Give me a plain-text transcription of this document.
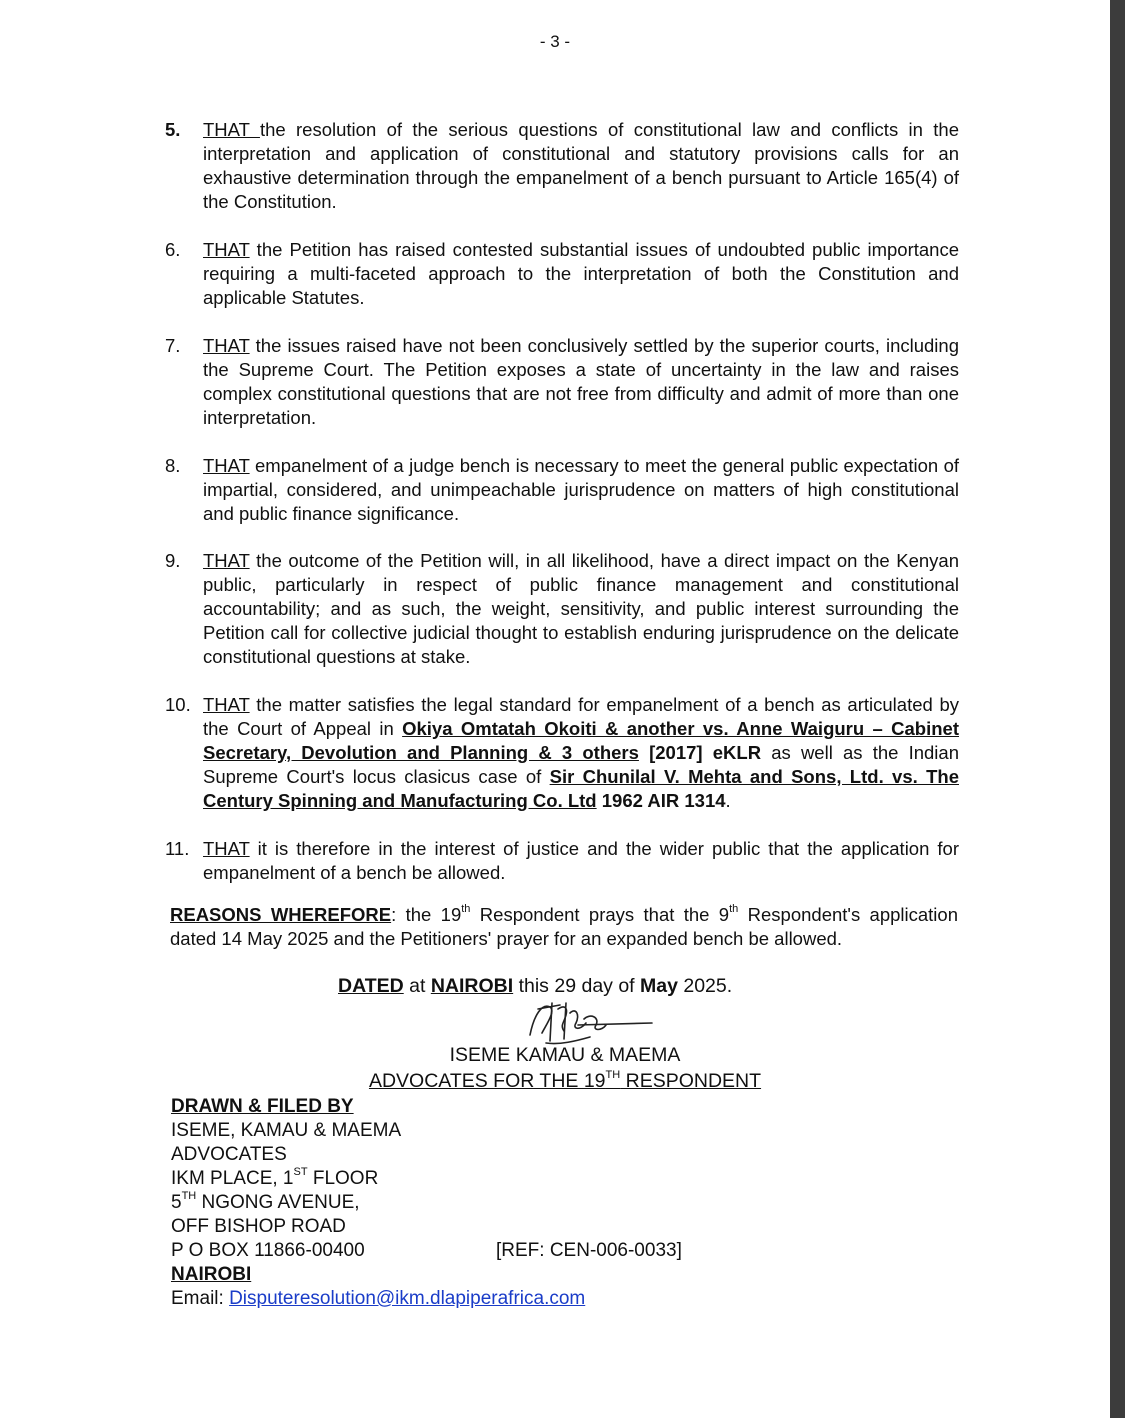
- 3 -
5.	THAT the resolution of the serious questions of constitutional law and conflicts in the interpretation and application of constitutional and statutory provisions calls for an exhaustive determination through the empanelment of a bench pursuant to Article 165(4) of the Constitution.
6.	THAT the Petition has raised contested substantial issues of undoubted public importance requiring a multi-faceted approach to the interpretation of both the Constitution and applicable Statutes.
7.	THAT the issues raised have not been conclusively settled by the superior courts, including the Supreme Court. The Petition exposes a state of uncertainty in the law and raises complex constitutional questions that are not free from difficulty and admit of more than one interpretation.
8.	THAT empanelment of a judge bench is necessary to meet the general public expectation of impartial, considered, and unimpeachable jurisprudence on matters of high constitutional and public finance significance.
9.	THAT the outcome of the Petition will, in all likelihood, have a direct impact on the Kenyan public, particularly in respect of public finance management and constitutional accountability; and as such, the weight, sensitivity, and public interest surrounding the Petition call for collective judicial thought to establish enduring jurisprudence on the delicate constitutional questions at stake.
10. THAT the matter satisfies the legal standard for empanelment of a bench as articulated by the Court of Appeal in Okiya Omtatah Okoiti & another vs. Anne Waiguru – Cabinet Secretary, Devolution and Planning & 3 others [2017] eKLR as well as the Indian Supreme Court's locus clasicus case of Sir Chunilal V. Mehta and Sons, Ltd. vs. The Century Spinning and Manufacturing Co. Ltd 1962 AIR 1314.
11. THAT it is therefore in the interest of justice and the wider public that the application for empanelment of a bench be allowed.
REASONS WHEREFORE: the 19th Respondent prays that the 9th Respondent's application dated 14 May 2025 and the Petitioners' prayer for an expanded bench be allowed.
DATED at NAIROBI this 29 day of May 2025.
ISEME KAMAU & MAEMA
ADVOCATES FOR THE 19TH RESPONDENT
DRAWN & FILED BY
ISEME, KAMAU & MAEMA
ADVOCATES
IKM PLACE, 1ST FLOOR
5TH NGONG AVENUE,
OFF BISHOP ROAD
P O BOX 11866-00400
NAIROBI
Email: Disputeresolution@ikm.dlapiperafrica.com
[REF: CEN-006-0033]
